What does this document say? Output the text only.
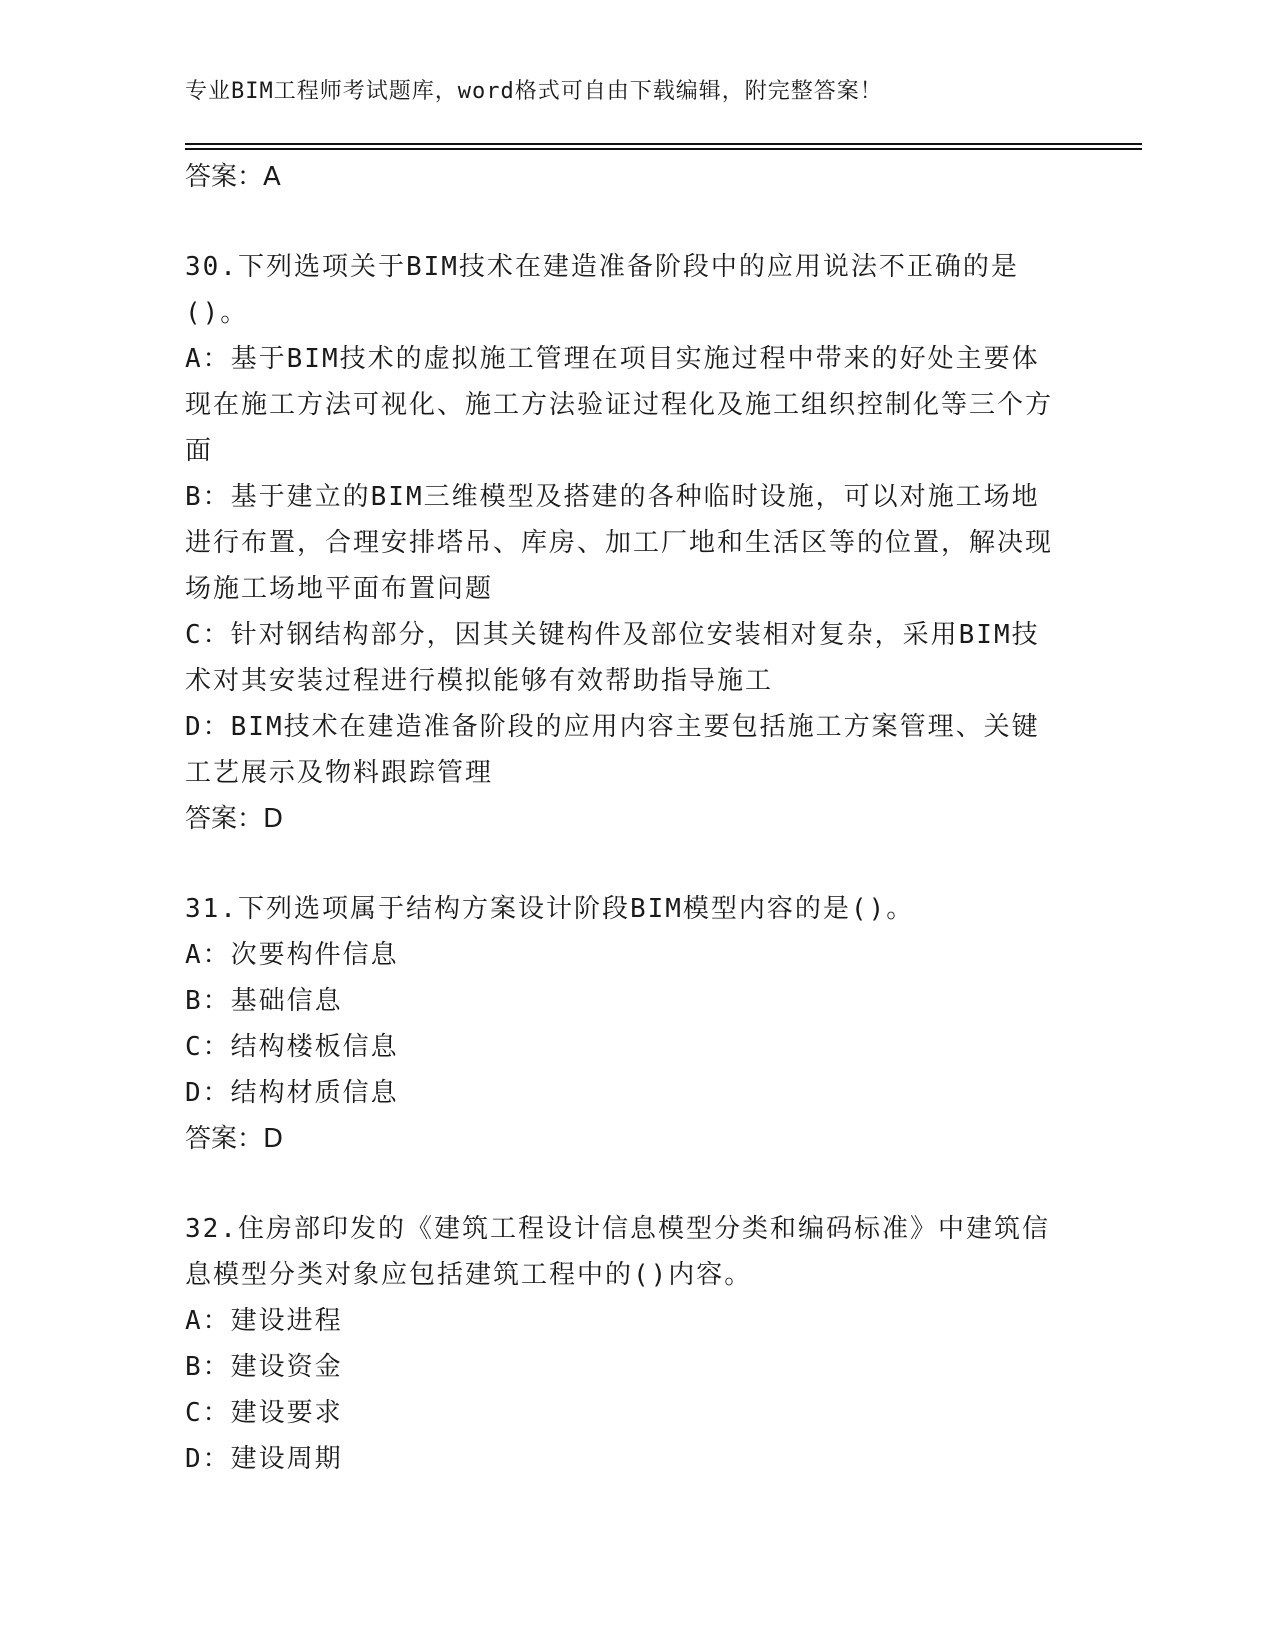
专业BIM工程师考试题库，word格式可自由下载编辑，附完整答案！
答案：A
30.下列选项关于BIM技术在建造准备阶段中的应用说法不正确的是()。
A：基于BIM技术的虚拟施工管理在项目实施过程中带来的好处主要体现在施工方法可视化、施工方法验证过程化及施工组织控制化等三个方面
B：基于建立的BIM三维模型及搭建的各种临时设施，可以对施工场地进行布置，合理安排塔吊、库房、加工厂地和生活区等的位置，解决现场施工场地平面布置问题
C：针对钢结构部分，因其关键构件及部位安装相对复杂，采用BIM技术对其安装过程进行模拟能够有效帮助指导施工
D：BIM技术在建造准备阶段的应用内容主要包括施工方案管理、关键工艺展示及物料跟踪管理
答案：D
31.下列选项属于结构方案设计阶段BIM模型内容的是()。
A：次要构件信息
B：基础信息
C：结构楼板信息
D：结构材质信息
答案：D
32.住房部印发的《建筑工程设计信息模型分类和编码标准》中建筑信息模型分类对象应包括建筑工程中的()内容。
A：建设进程
B：建设资金
C：建设要求
D：建设周期
